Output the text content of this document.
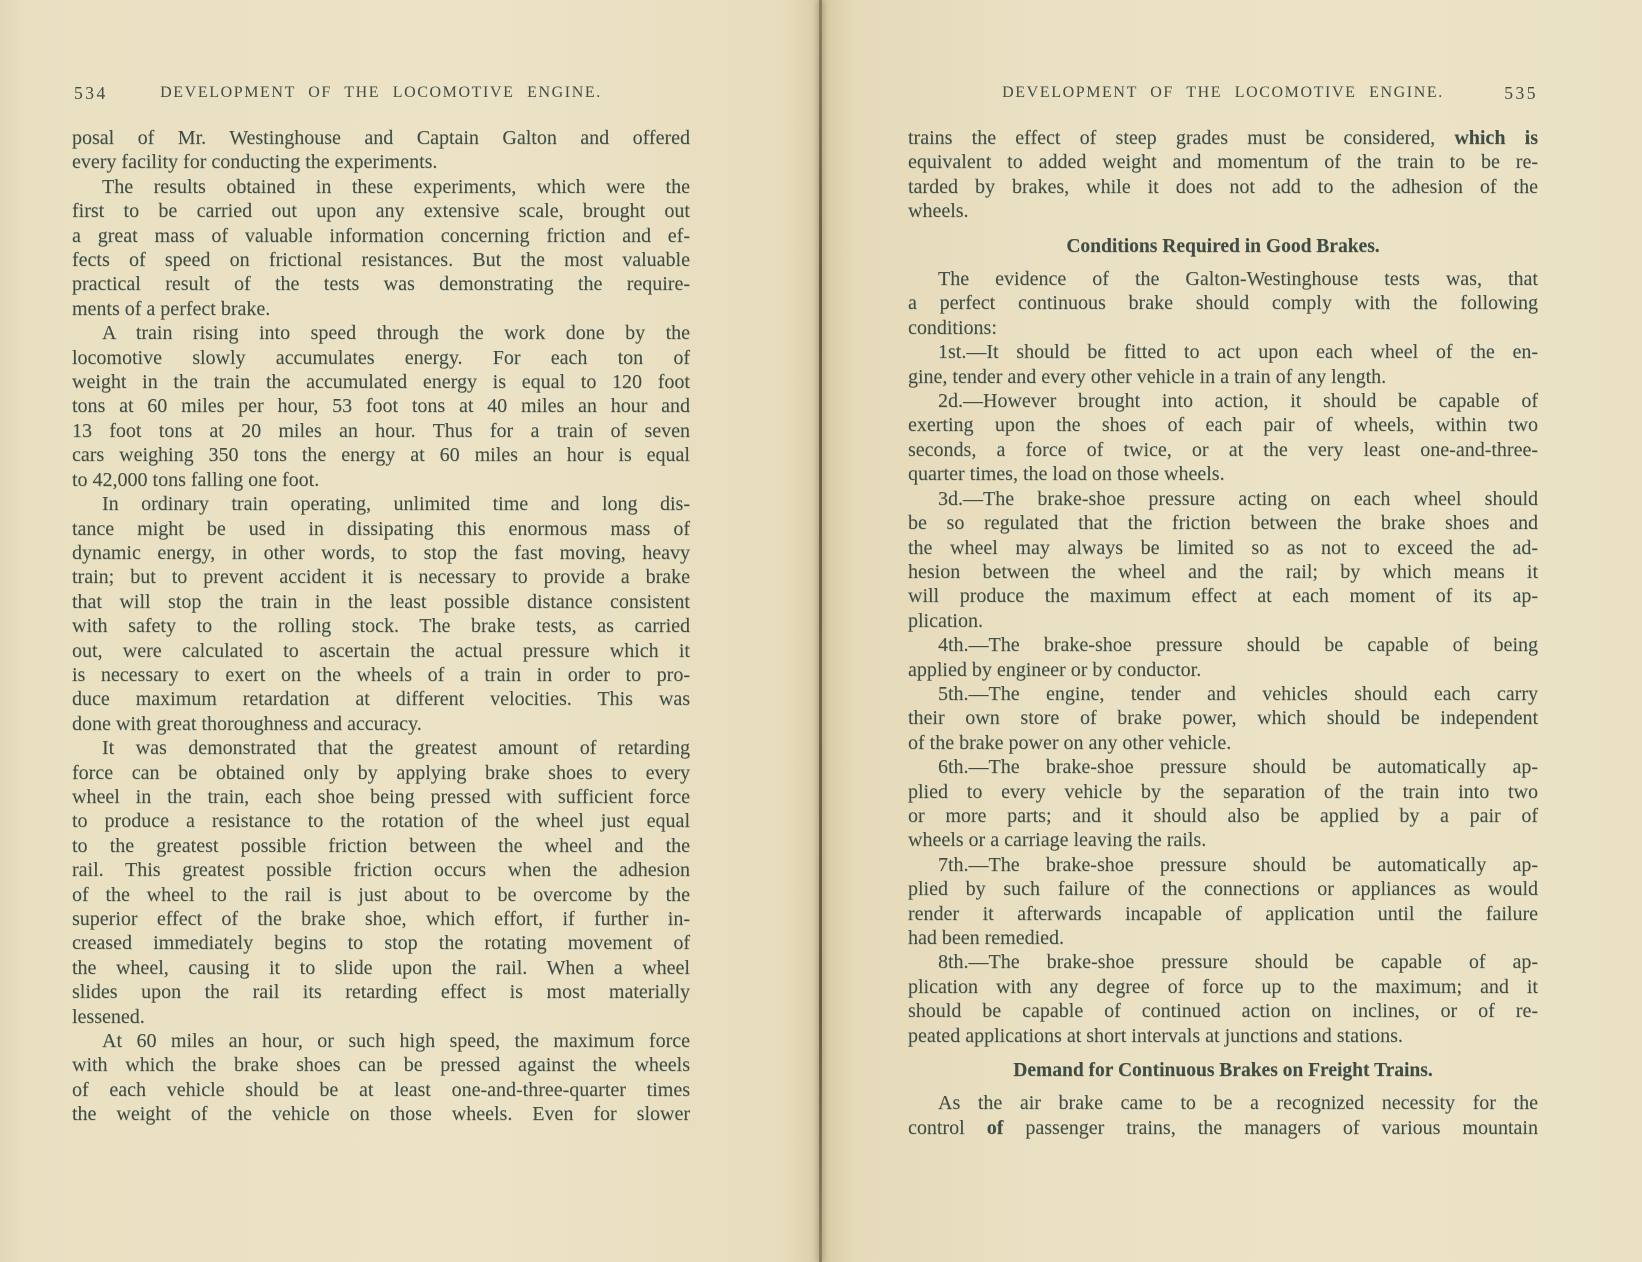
534	DEVELOPMENT OF THE LOCOMOTIVE ENGINE.
posal of Mr. Westinghouse and Captain Galton and offered
every facility for conducting the experiments.
The results obtained in these experiments, which were the
first to be carried out upon any extensive scale, brought out
a great mass of valuable information concerning friction and ef-
fects of speed on frictional resistances. But the most valuable
practical result of the tests was demonstrating the require-
ments of a perfect brake.
A train rising into speed through the work done by the
locomotive slowly accumulates energy. For each ton of
weight in the train the accumulated energy is equal to 120 foot
tons at 60 miles per hour, 53 foot tons at 40 miles an hour and
13 foot tons at 20 miles an hour. Thus for a train of seven
cars weighing 350 tons the energy at 60 miles an hour is equal
to 42,000 tons falling one foot.
In ordinary train operating, unlimited time and long dis-
tance might be used in dissipating this enormous mass of
dynamic energy, in other words, to stop the fast moving, heavy
train; but to prevent accident it is necessary to provide a brake
that will stop the train in the least possible distance consistent
with safety to the rolling stock. The brake tests, as carried
out, were calculated to ascertain the actual pressure which it
is necessary to exert on the wheels of a train in order to pro-
duce maximum retardation at different velocities. This was
done with great thoroughness and accuracy.
It was demonstrated that the greatest amount of retarding
force can be obtained only by applying brake shoes to every
wheel in the train, each shoe being pressed with sufficient force
to produce a resistance to the rotation of the wheel just equal
to the greatest possible friction between the wheel and the
rail. This greatest possible friction occurs when the adhesion
of the wheel to the rail is just about to be overcome by the
superior effect of the brake shoe, which effort, if further in-
creased immediately begins to stop the rotating movement of
the wheel, causing it to slide upon the rail. When a wheel
slides upon the rail its retarding effect is most materially
lessened.
At 60 miles an hour, or such high speed, the maximum force
with which the brake shoes can be pressed against the wheels
of each vehicle should be at least one-and-three-quarter times
the weight of the vehicle on those wheels. Even for slower
535
DEVELOPMENT OF THE LOCOMOTIVE ENGINE.
trains the effect of steep grades must be considered, which is
equivalent to added weight and momentum of the train to be re-
tarded by brakes, while it does not add to the adhesion of the
wheels.
Conditions Required in Good Brakes.
The evidence of the Galton-Westinghouse tests was, that
a perfect continuous brake should comply with the following
conditions:
1st.—It should be fitted to act upon each wheel of the en-
gine, tender and every other vehicle in a train of any length.
2d.—However brought into action, it should be capable of
exerting upon the shoes of each pair of wheels, within two
seconds, a force of twice, or at the very least one-and-three-
quarter times, the load on those wheels.
3d.—The brake-shoe pressure acting on each wheel should
be so regulated that the friction between the brake shoes and
the wheel may always be limited so as not to exceed the ad-
hesion between the wheel and the rail; by which means it
will produce the maximum effect at each moment of its ap-
plication.
4th.—The brake-shoe pressure should be capable of being
applied by engineer or by conductor.
5th.—The engine, tender and vehicles should each carry
their own store of brake power, which should be independent
of the brake power on any other vehicle.
6th.—The brake-shoe pressure should be automatically ap-
plied to every vehicle by the separation of the train into two
or more parts; and it should also be applied by a pair of
wheels or a carriage leaving the rails.
7th.—The brake-shoe pressure should be automatically ap-
plied by such failure of the connections or appliances as would
render it afterwards incapable of application until the failure
had been remedied.
8th.—The brake-shoe pressure should be capable of ap-
plication with any degree of force up to the maximum; and it
should be capable of continued action on inclines, or of re-
peated applications at short intervals at junctions and stations.
Demand for Continuous Brakes on Freight Trains.
As the air brake came to be a recognized necessity for the
control of passenger trains, the managers of various mountain
